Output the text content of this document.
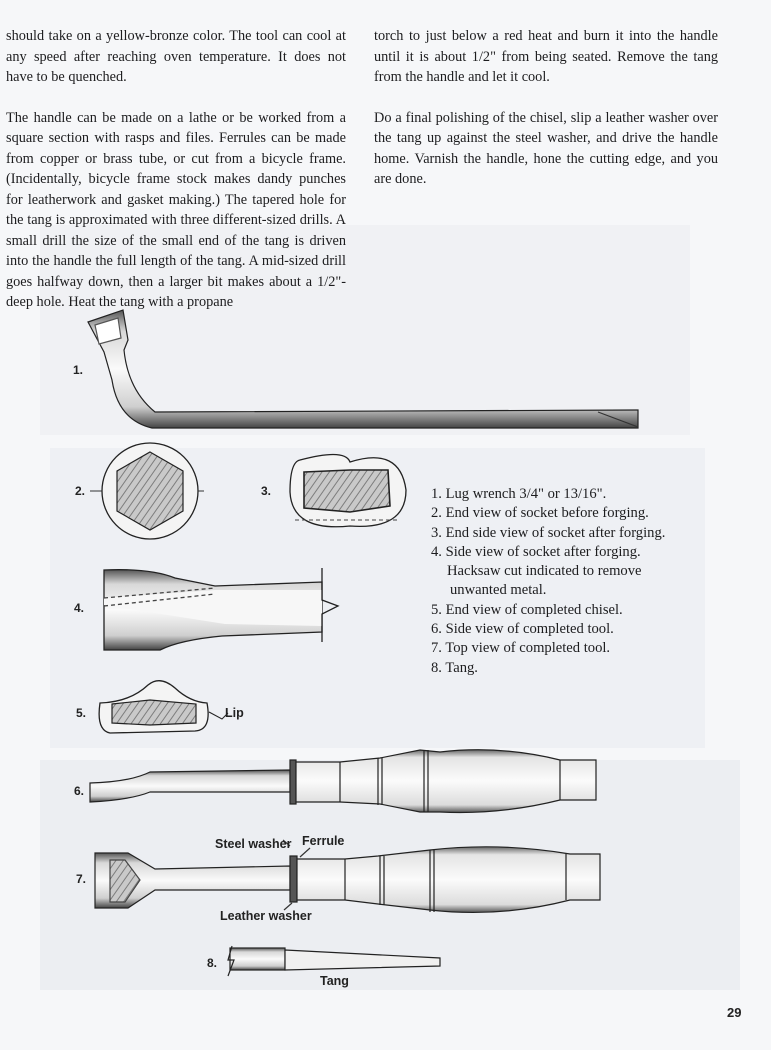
should take on a yellow-bronze color. The tool can cool at any speed after reaching oven temperature. It does not have to be quenched.

The handle can be made on a lathe or be worked from a square section with rasps and files. Ferrules can be made from copper or brass tube, or cut from a bicycle frame. (Incidentally, bicycle frame stock makes dandy punches for leatherwork and gasket making.) The tapered hole for the tang is approximated with three different-sized drills. A small drill the size of the small end of the tang is driven into the handle the full length of the tang. A mid-sized drill goes halfway down, then a larger bit makes about a 1/2"-deep hole. Heat the tang with a propane

torch to just below a red heat and burn it into the handle until it is about 1/2" from being seated. Remove the tang from the handle and let it cool.

Do a final polishing of the chisel, slip a leather washer over the tang up against the steel washer, and drive the handle home. Varnish the handle, hone the cutting edge, and you are done.

1.
2.	3.
4.
5.
6.
7.
8.
Lip
Steel washer Ferrule
Leather washer
Tang
1. Lug wrench 3/4" or 13/16".
2. End view of socket before forging.
3. End side view of socket after forging.
4. Side view of socket after forging.
Hacksaw cut indicated to remove
unwanted metal.
5. End view of completed chisel.
6. Side view of completed tool.
7. Top view of completed tool.
8. Tang.
29
